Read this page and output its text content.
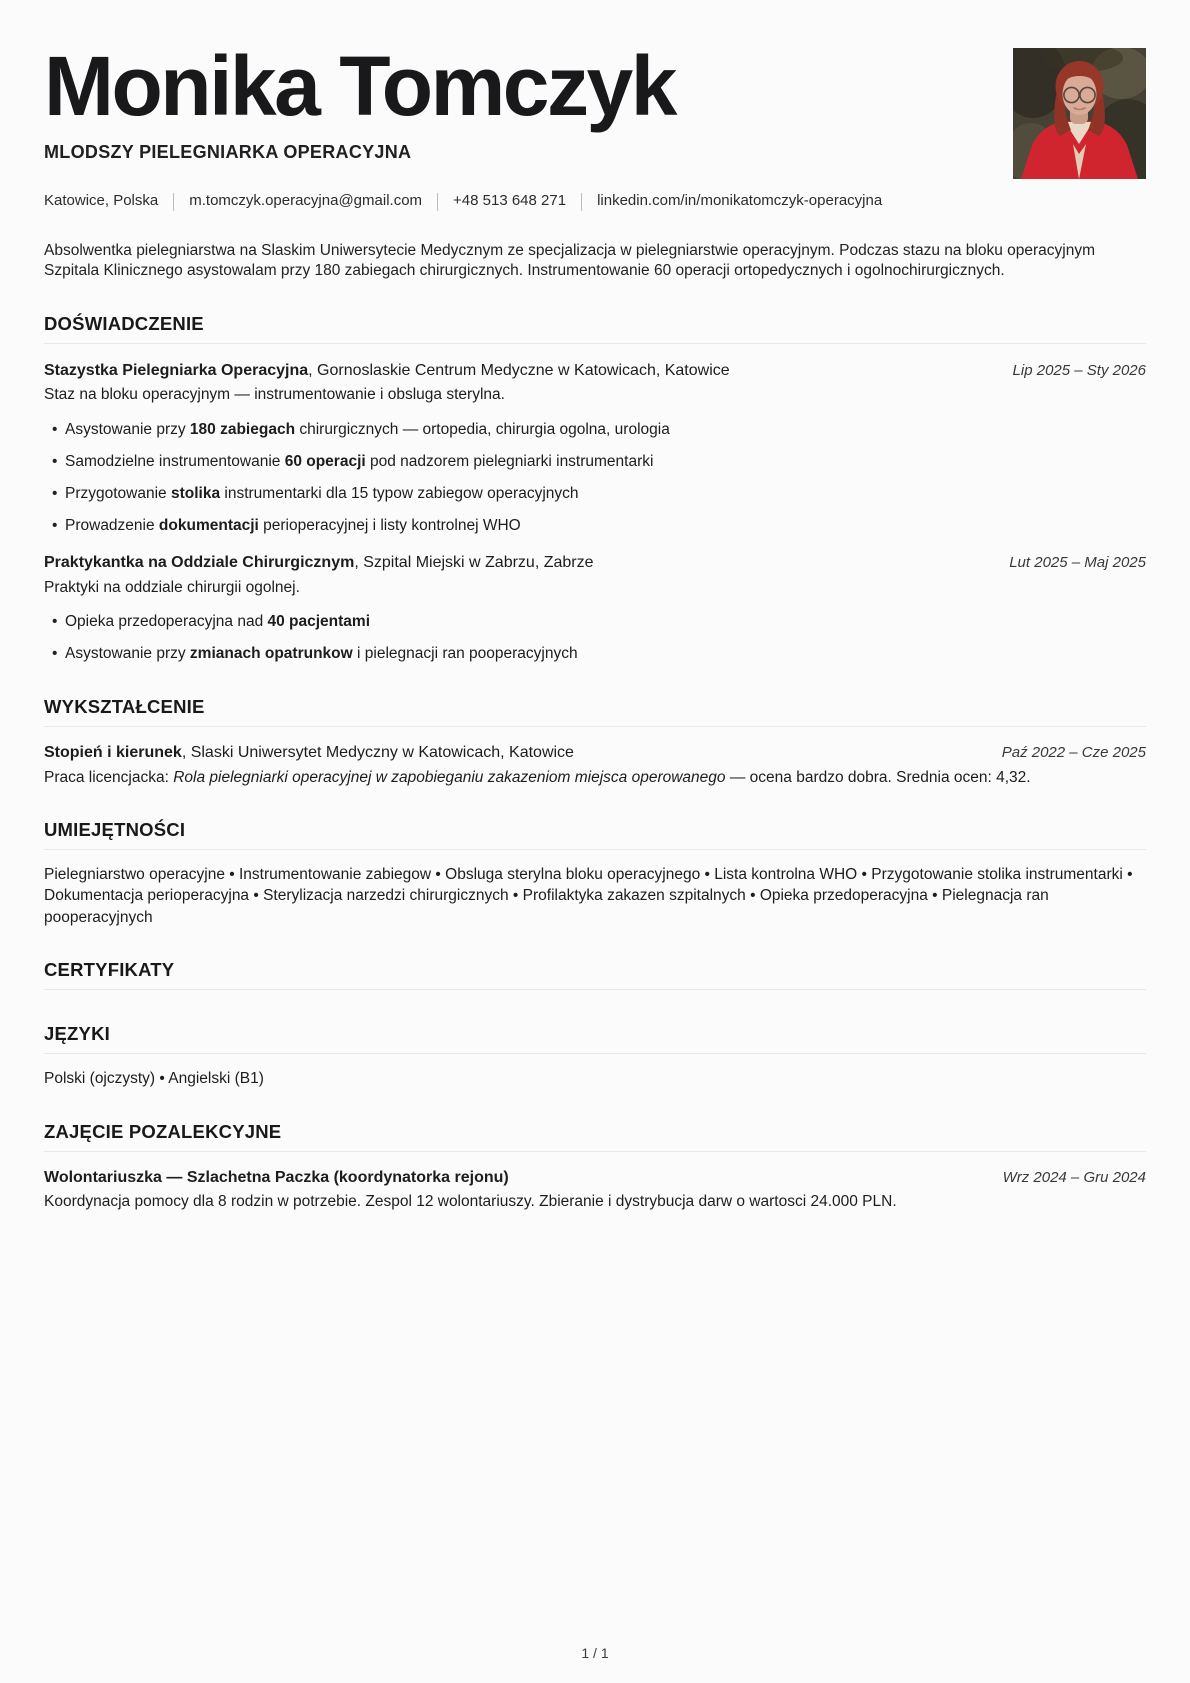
Monika Tomczyk
MLODSZY PIELEGNIARKA OPERACYJNA
Katowice, Polska m.tomczyk.operacyjna@gmail.com +48 513 648 271 linkedin.com/in/monikatomczyk-operacyjna

Absolwentka pielegniarstwa na Slaskim Uniwersytecie Medycznym ze specjalizacja w pielegniarstwie operacyjnym. Podczas stazu na bloku operacyjnym Szpitala Klinicznego asystowalam przy 180 zabiegach chirurgicznych. Instrumentowanie 60 operacji ortopedycznych i ogolnochirurgicznych.

DOŚWIADCZENIE
Stazystka Pielegniarka Operacyjna, Gornoslaskie Centrum Medyczne w Katowicach, Katowice	Lip 2025 – Sty 2026
Staz na bloku operacyjnym — instrumentowanie i obsluga sterylna.
• Asystowanie przy 180 zabiegach chirurgicznych — ortopedia, chirurgia ogolna, urologia
• Samodzielne instrumentowanie 60 operacji pod nadzorem pielegniarki instrumentarki
• Przygotowanie stolika instrumentarki dla 15 typow zabiegow operacyjnych
• Prowadzenie dokumentacji perioperacyjnej i listy kontrolnej WHO
Praktykantka na Oddziale Chirurgicznym, Szpital Miejski w Zabrzu, Zabrze	Lut 2025 – Maj 2025
Praktyki na oddziale chirurgii ogolnej.
• Opieka przedoperacyjna nad 40 pacjentami
• Asystowanie przy zmianach opatrunkow i pielegnacji ran pooperacyjnych
WYKSZTAŁCENIE
Stopień i kierunek, Slaski Uniwersytet Medyczny w Katowicach, Katowice	Paź 2022 – Cze 2025
Praca licencjacka: Rola pielegniarki operacyjnej w zapobieganiu zakazeniom miejsca operowanego — ocena bardzo dobra. Srednia ocen: 4,32.
UMIEJĘTNOŚCI

Pielegniarstwo operacyjne • Instrumentowanie zabiegow • Obsluga sterylna bloku operacyjnego • Lista kontrolna WHO • Przygotowanie stolika instrumentarki • Dokumentacja perioperacyjna • Sterylizacja narzedzi chirurgicznych • Profilaktyka zakazen szpitalnych • Opieka przedoperacyjna • Pielegnacja ran pooperacyjnych

CERTYFIKATY
JĘZYKI

Polski (ojczysty) • Angielski (B1)

ZAJĘCIE POZALEKCYJNE
Wolontariuszka — Szlachetna Paczka (koordynatorka rejonu)	Wrz 2024 – Gru 2024
Koordynacja pomocy dla 8 rodzin w potrzebie. Zespol 12 wolontariuszy. Zbieranie i dystrybucja darw o wartosci 24.000 PLN.
1 / 1
